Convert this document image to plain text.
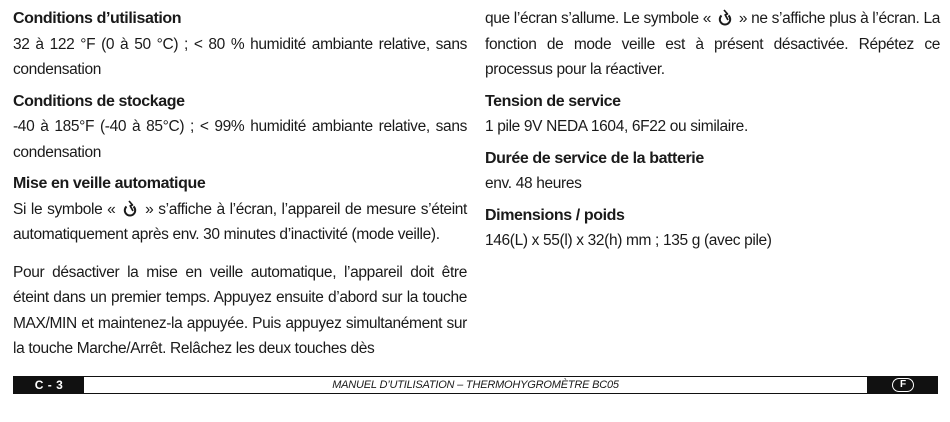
Conditions d’utilisation

32 à 122 °F (0 à 50 °C) ; < 80 % humidité ambiante relative, sans condensation

Conditions de stockage

-40 à 185°F (-40 à 85°C) ; < 99% humidité ambiante relative, sans condensation

Mise en veille automatique

Si le symbole «  » s’affiche à l’écran, l’appareil de mesure s’éteint automatiquement après env. 30 minutes d’inactivité (mode veille).

Pour désactiver la mise en veille automatique, l’appareil doit être éteint dans un premier temps. Appuyez ensuite d’abord sur la touche MAX/MIN et maintenez-la appuyée. Puis appuyez simultanément sur la touche Marche/Arrêt. Relâchez les deux touches dès

que l’écran s’allume. Le symbole «  » ne s’affiche plus à l’écran. La fonction de mode veille est à présent désactivée. Répétez ce processus pour la réactiver.

Tension de service

1 pile 9V NEDA 1604, 6F22 ou similaire.

Durée de service de la batterie

env. 48 heures

Dimensions / poids

146(L) x 55(l) x 32(h) mm ; 135 g (avec pile)

C - 3	MANUEL D’UTILISATION – THERMOHYGROMÈTRE BC05	F
